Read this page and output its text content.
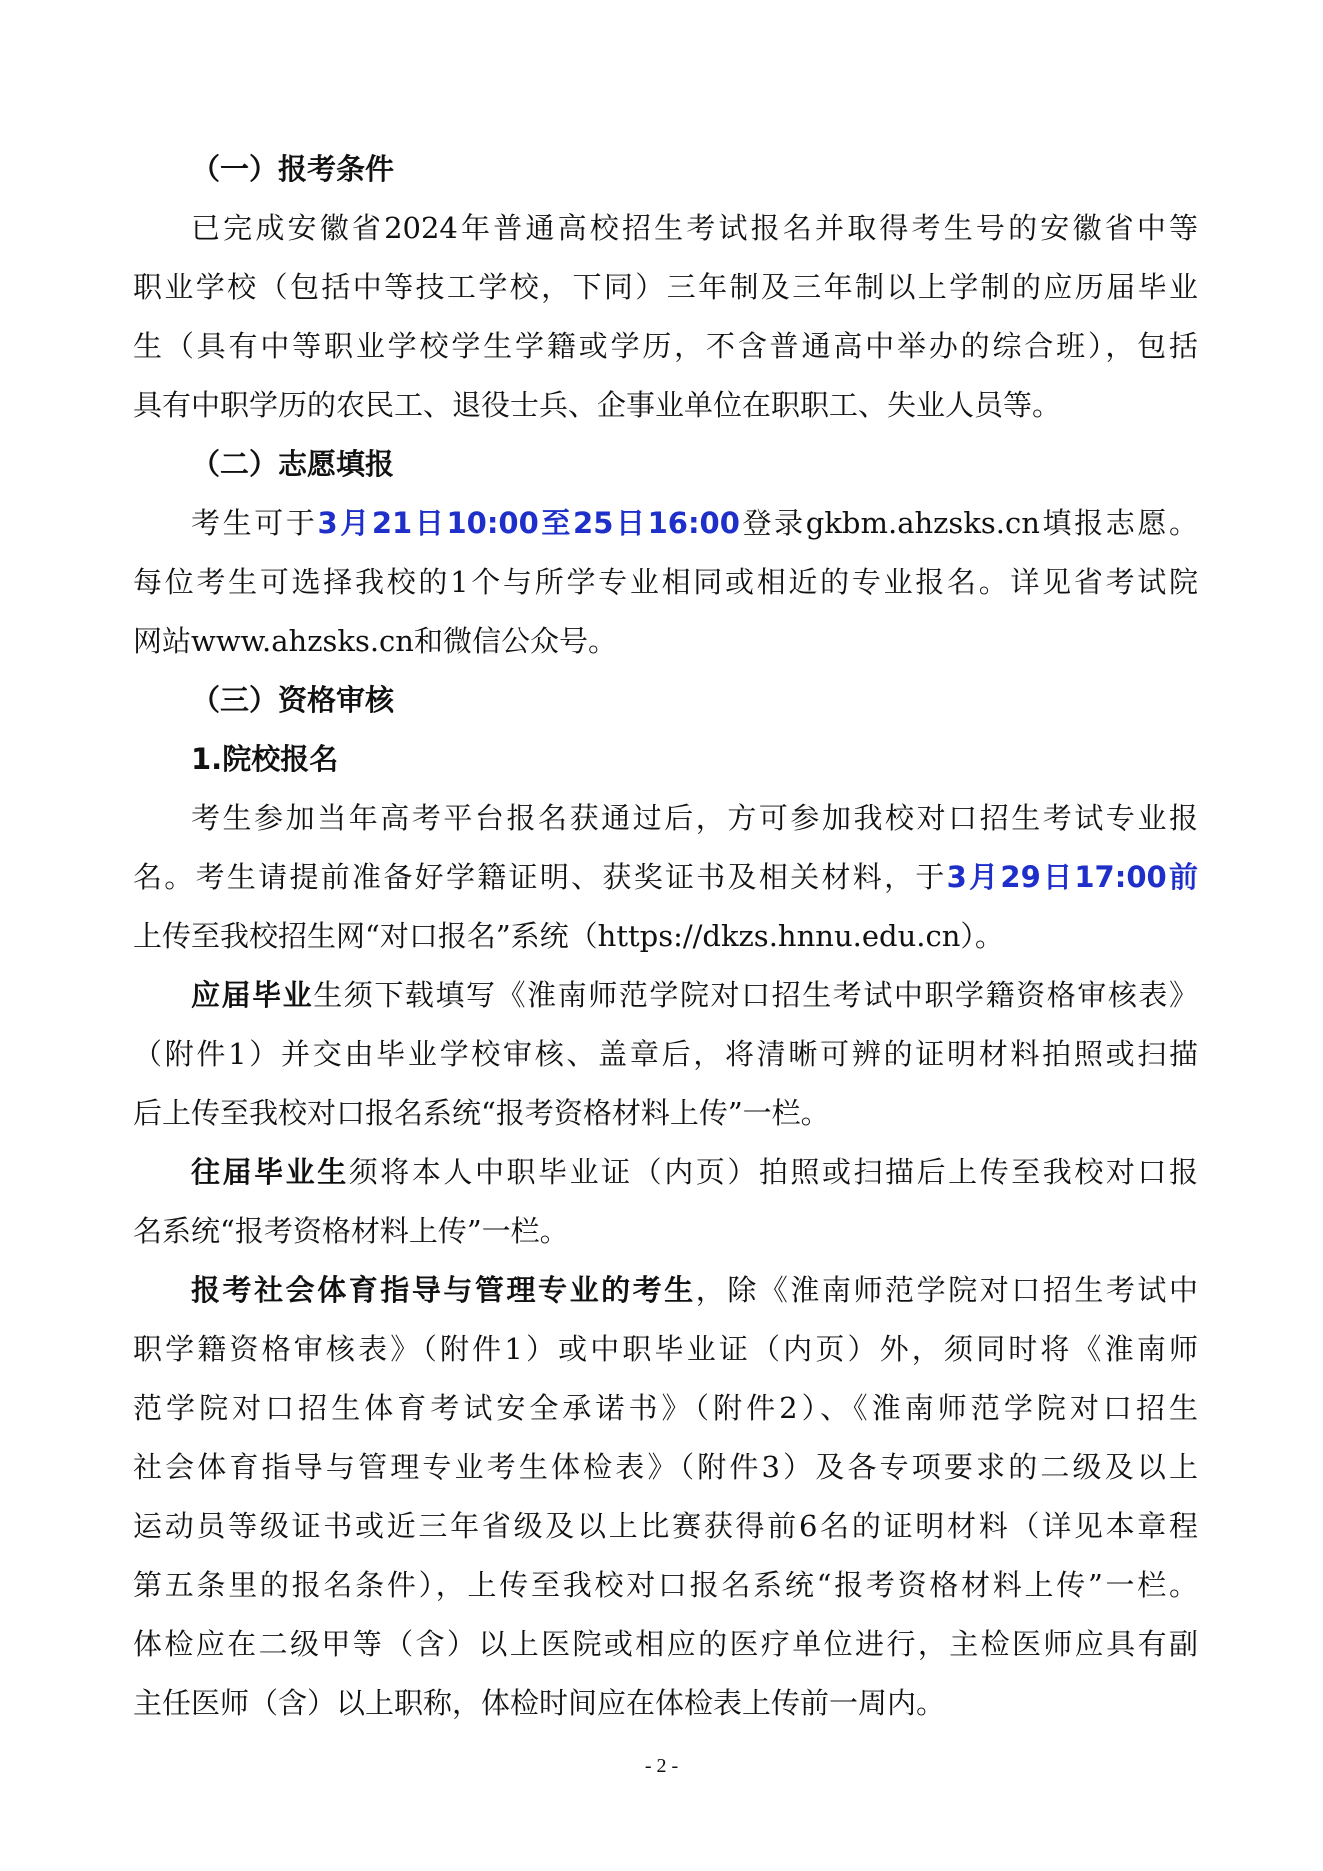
（一）报考条件
已完成安徽省2024年普通高校招生考试报名并取得考生号的安徽省中等
职业学校（包括中等技工学校，下同）三年制及三年制以上学制的应历届毕业
生（具有中等职业学校学生学籍或学历，不含普通高中举办的综合班），包括
具有中职学历的农民工、退役士兵、企事业单位在职职工、失业人员等。
（二）志愿填报
考生可于3月21日10:00至25日16:00登录gkbm.ahzsks.cn填报志愿。
每位考生可选择我校的1个与所学专业相同或相近的专业报名。详见省考试院
网站www.ahzsks.cn和微信公众号。
（三）资格审核
1.院校报名
考生参加当年高考平台报名获通过后，方可参加我校对口招生考试专业报
名。考生请提前准备好学籍证明、获奖证书及相关材料，于3月29日17:00前
上传至我校招生网“对口报名”系统（https://dkzs.hnnu.edu.cn）。
应届毕业生须下载填写《淮南师范学院对口招生考试中职学籍资格审核表》
（附件1）并交由毕业学校审核、盖章后，将清晰可辨的证明材料拍照或扫描
后上传至我校对口报名系统“报考资格材料上传”一栏。
往届毕业生须将本人中职毕业证（内页）拍照或扫描后上传至我校对口报
名系统“报考资格材料上传”一栏。
报考社会体育指导与管理专业的考生，除《淮南师范学院对口招生考试中
职学籍资格审核表》（附件1）或中职毕业证（内页）外，须同时将《淮南师
范学院对口招生体育考试安全承诺书》（附件2）、《淮南师范学院对口招生
社会体育指导与管理专业考生体检表》（附件3）及各专项要求的二级及以上
运动员等级证书或近三年省级及以上比赛获得前6名的证明材料（详见本章程
第五条里的报名条件），上传至我校对口报名系统“报考资格材料上传”一栏。
体检应在二级甲等（含）以上医院或相应的医疗单位进行，主检医师应具有副
主任医师（含）以上职称，体检时间应在体检表上传前一周内。
- 2 -
